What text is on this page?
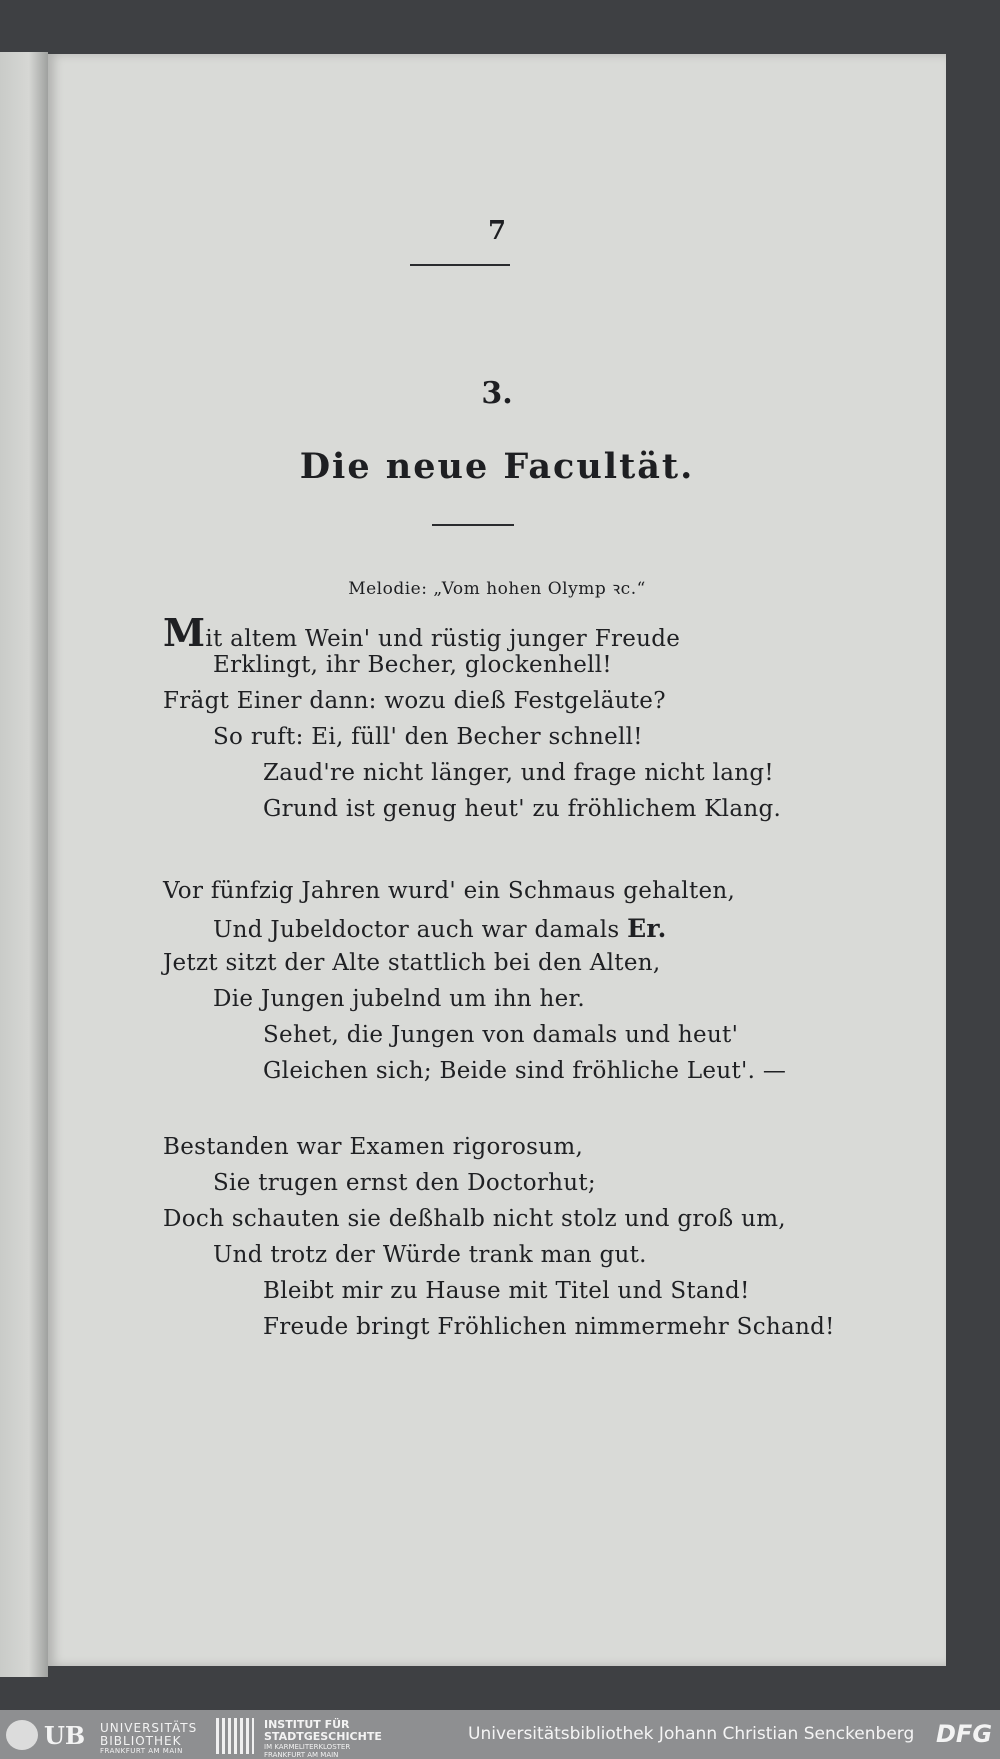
7
3.
Die neue Facultät.
Melodie: „Vom hohen Olymp ꝛc.“
Mit altem Wein' und rüstig junger Freude
Erklingt, ihr Becher, glockenhell!
Frägt Einer dann: wozu dieß Festgeläute?
So ruft: Ei, füll' den Becher schnell!
Zaud're nicht länger, und frage nicht lang!
Grund ist genug heut' zu fröhlichem Klang.
Vor fünfzig Jahren wurd' ein Schmaus gehalten,
Und Jubeldoctor auch war damals Er.
Jetzt sitzt der Alte stattlich bei den Alten,
Die Jungen jubelnd um ihn her.
Sehet, die Jungen von damals und heut'
Gleichen sich; Beide sind fröhliche Leut'. —
Bestanden war Examen rigorosum,
Sie trugen ernst den Doctorhut;
Doch schauten sie deßhalb nicht stolz und groß um,
Und trotz der Würde trank man gut.
Bleibt mir zu Hause mit Titel und Stand!
Freude bringt Fröhlichen nimmermehr Schand!
UB UNIVERSITÄTS
BIBLIOTHEK
FRANKFURT AM MAIN
INSTITUT FÜR
STADTGESCHICHTE
IM KARMELITERKLOSTER
FRANKFURT AM MAIN
Universitätsbibliothek Johann Christian Senckenberg DFG
